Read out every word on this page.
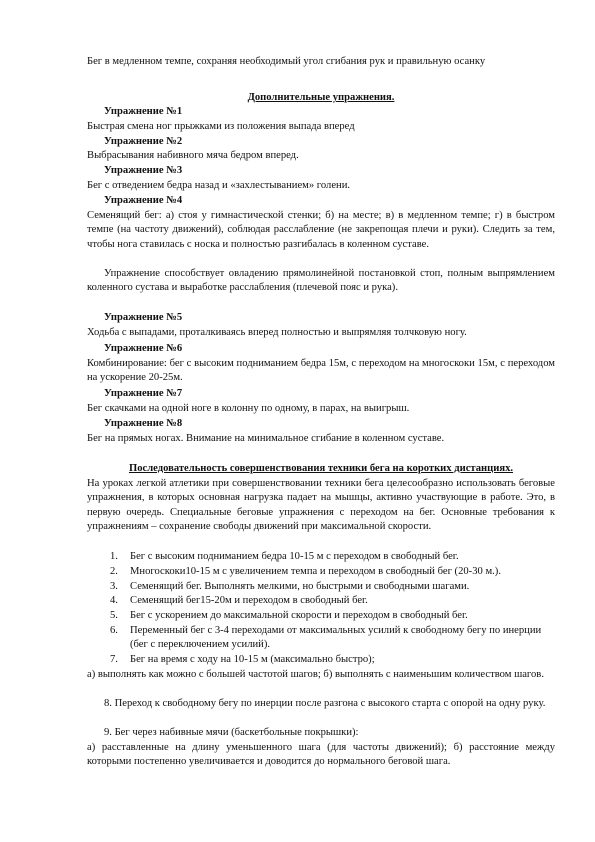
Бег в медленном темпе, сохраняя необходимый угол сгибания рук и правильную осанку
Дополнительные упражнения.
Упражнение №1
Быстрая смена ног прыжками из положения выпада вперед
Упражнение №2
Выбрасывания набивного мяча бедром вперед.
Упражнение №3
Бег с отведением бедра назад и «захлестыванием» голени.
Упражнение №4
Семенящий бег: а) стоя у гимнастической стенки; б) на месте; в) в медленном темпе; г) в быстром темпе (на частоту движений), соблюдая расслабление (не закрепощая плечи и руки). Следить за тем, чтобы нога ставилась с носка и полностью разгибалась в коленном суставе.
Упражнение способствует овладению прямолинейной постановкой стоп, полным выпрямлением коленного сустава и выработке расслабления (плечевой пояс и рука).
Упражнение №5
Ходьба с выпадами, проталкиваясь вперед полностью и выпрямляя толчковую ногу.
Упражнение №6
Комбинирование: бег с высоким подниманием бедра 15м, с переходом на многоскоки 15м, с переходом на ускорение 20-25м.
Упражнение №7
Бег скачками на одной ноге в колонну по одному, в парах, на выигрыш.
Упражнение №8
Бег на прямых ногах. Внимание на минимальное сгибание в коленном суставе.
Последовательность совершенствования техники бега на коротких дистанциях.
На уроках легкой атлетики при совершенствовании техники бега целесообразно использовать беговые упражнения, в которых основная нагрузка падает на мышцы, активно участвующие в работе. Это, в первую очередь. Специальные беговые упражнения с переходом на бег. Основные требования к упражнениям – сохранение свободы движений при максимальной скорости.
1. Бег с высоким подниманием бедра 10-15 м с переходом в свободный бег.
2. Многоскоки10-15 м с увеличением темпа и переходом в свободный бег (20-30 м.).
3. Семенящий бег. Выполнять мелкими, но быстрыми и свободными шагами.
4. Семенящий бег15-20м и переходом в свободный бег.
5. Бег с ускорением до максимальной скорости и переходом в свободный бег.
6. Переменный бег с 3-4 переходами от максимальных усилий к свободному бегу по инерции (бег с переключением усилий).
7. Бег на время с ходу на 10-15 м (максимально быстро);
а) выполнять как можно с большей частотой шагов; б) выполнять с наименьшим количеством шагов.
8. Переход к свободному бегу по инерции после разгона с высокого старта с опорой на одну руку.
9. Бег через набивные мячи (баскетбольные покрышки):
а) расставленные на длину уменьшенного шага (для частоты движений); б) расстояние между которыми постепенно увеличивается и доводится до нормального беговой шага.
